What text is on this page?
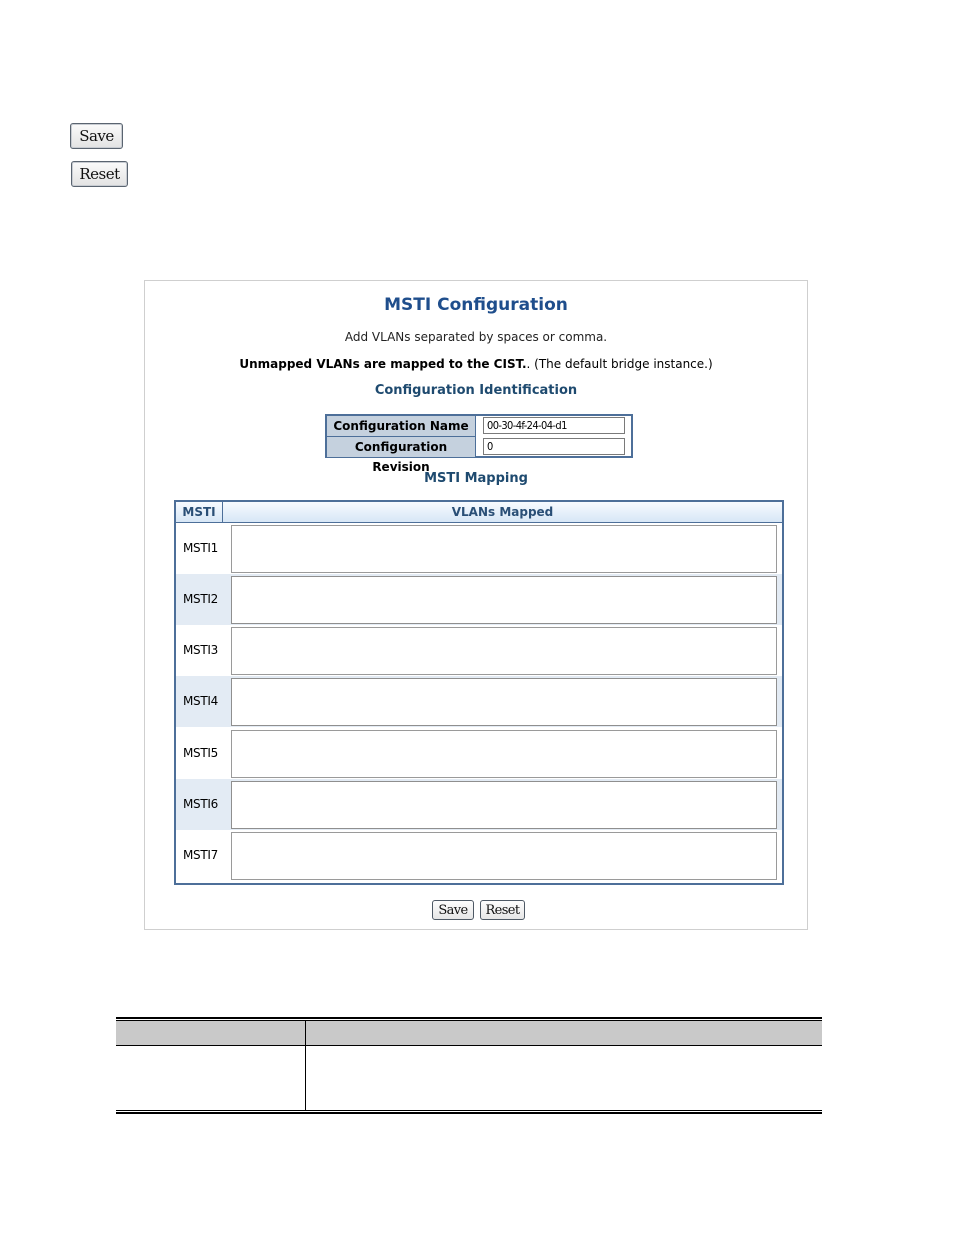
Save
Reset
MSTI Configuration
Add VLANs separated by spaces or comma.
Unmapped VLANs are mapped to the CIST.. (The default bridge instance.)
Configuration Identification
Configuration Name
00-30-4f-24-04-d1
Configuration Revision
0
MSTI Mapping
MSTI	VLANs Mapped
MSTI1
MSTI2
MSTI3
MSTI4
MSTI5
MSTI6
MSTI7
Save	Reset
